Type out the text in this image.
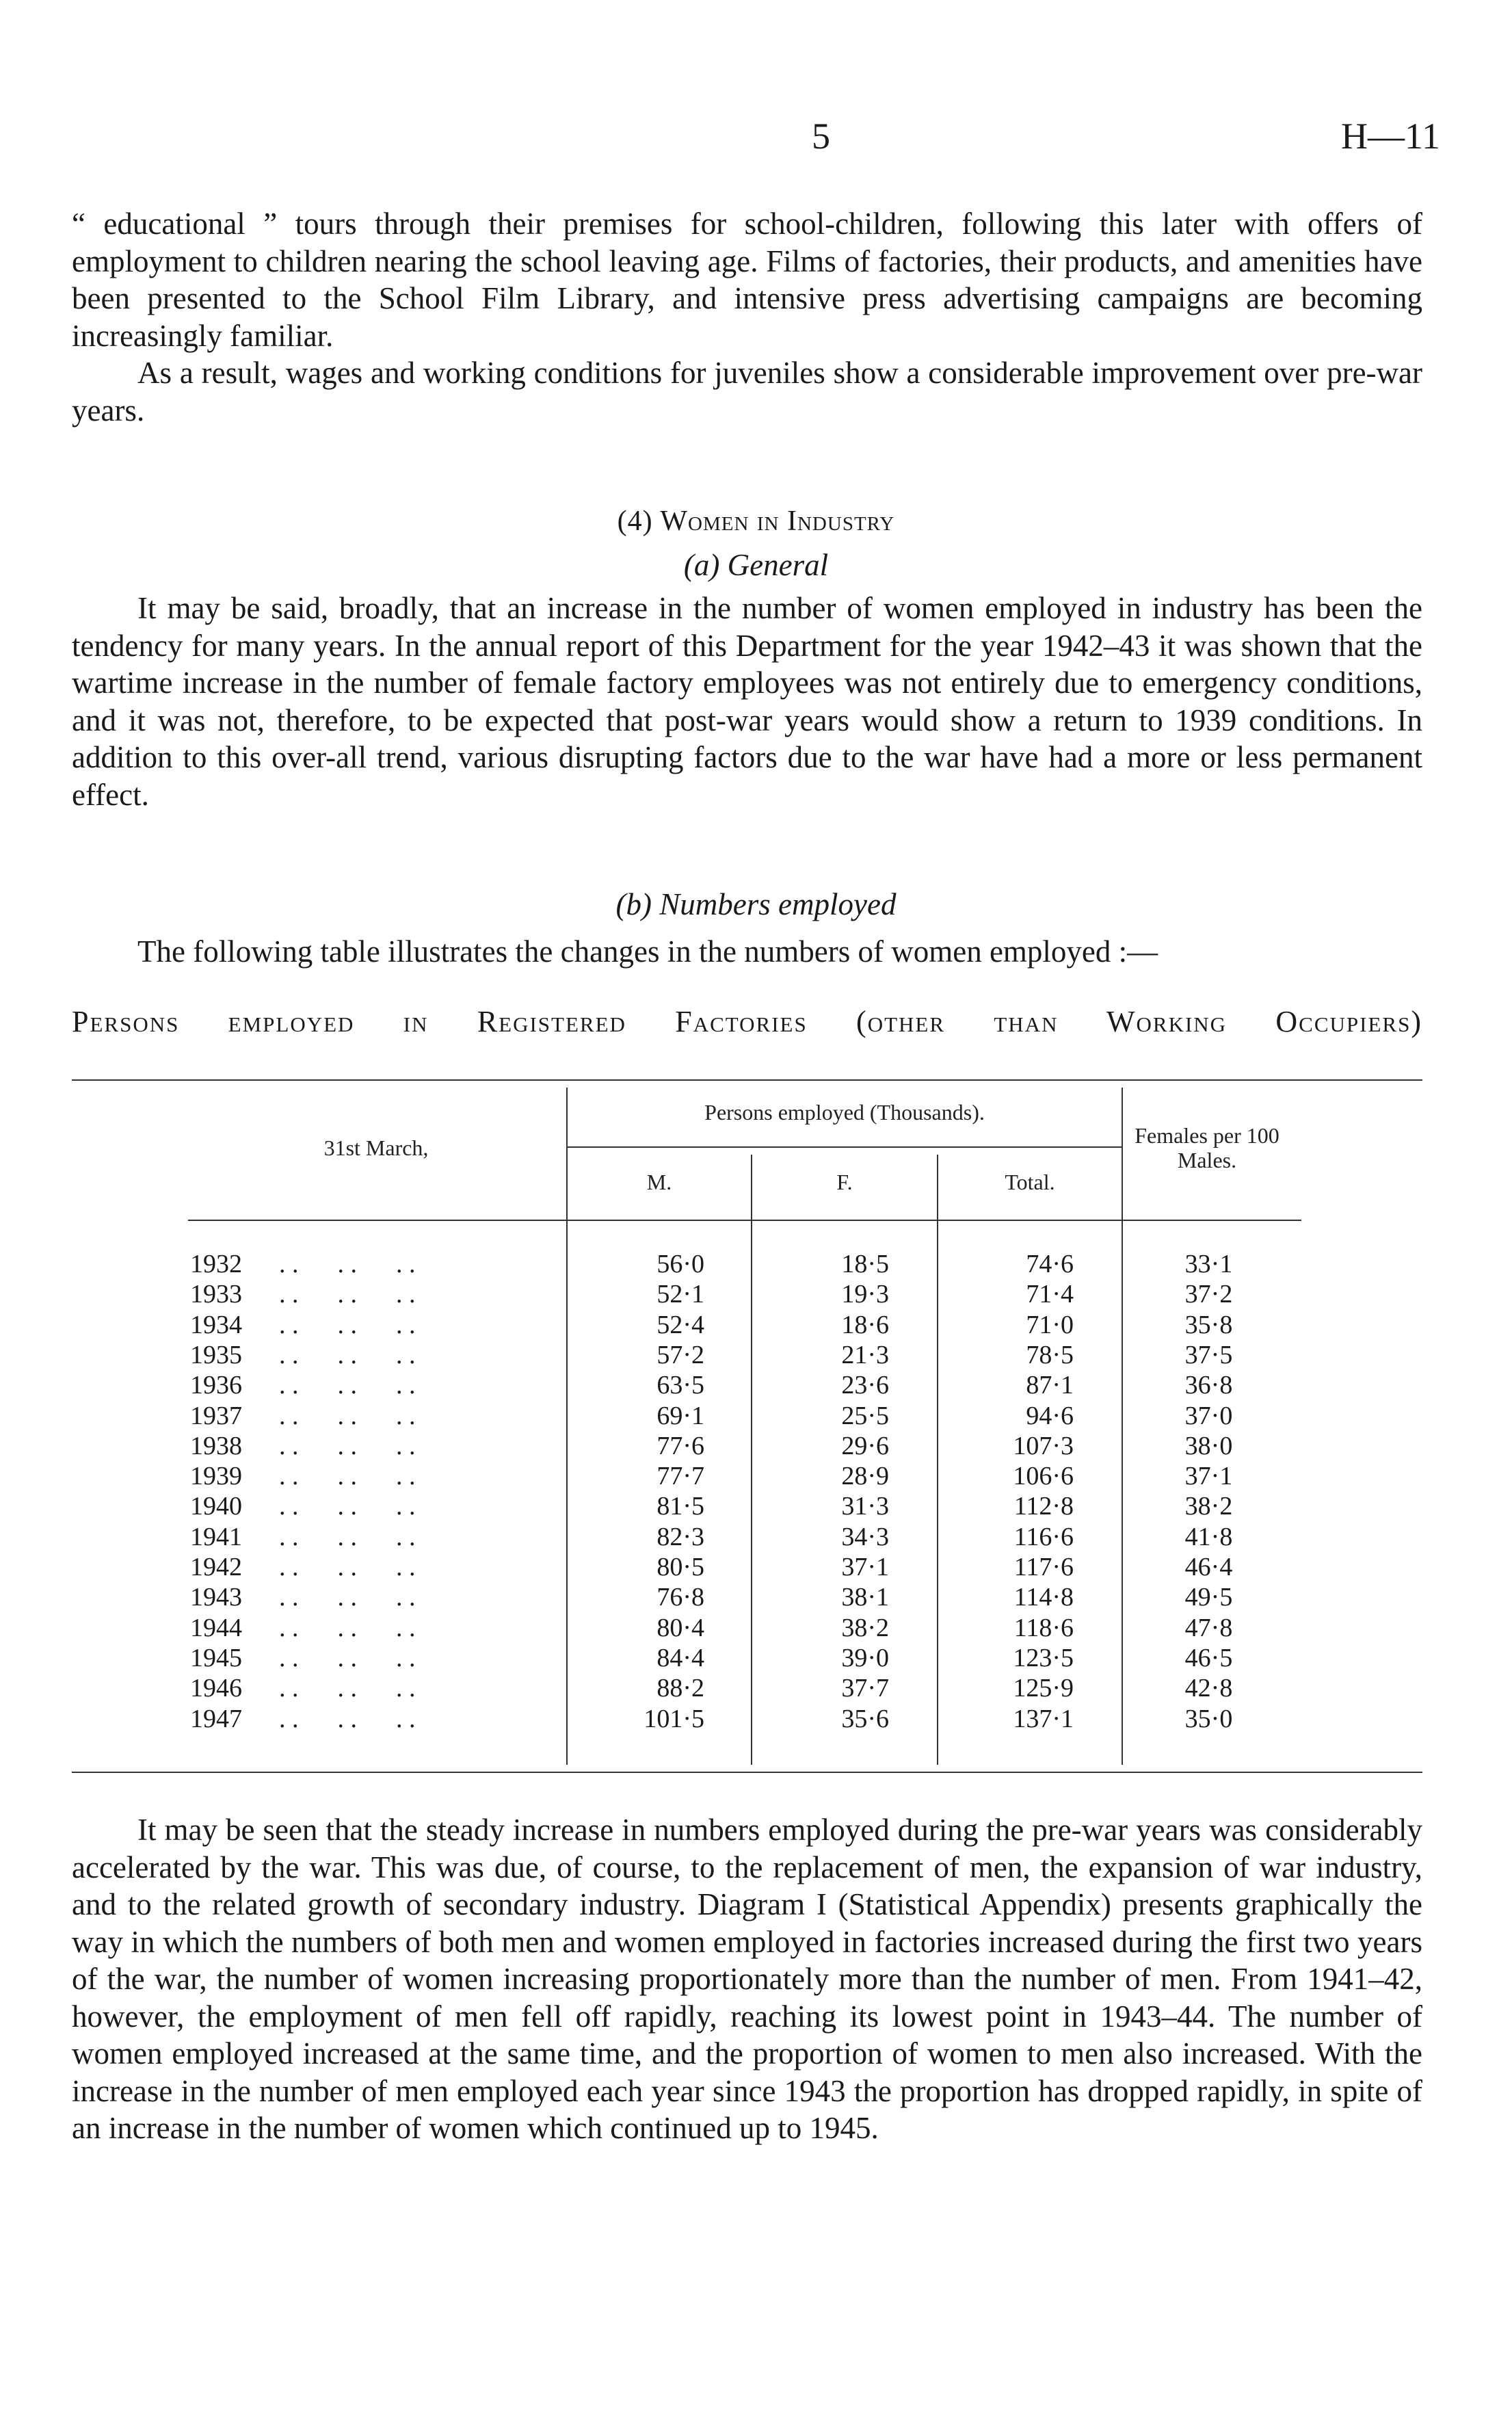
5	H—11

“ educational ” tours through their premises for school-children, following this later with offers of employment to children nearing the school leaving age. Films of factories, their products, and amenities have been presented to the School Film Library, and intensive press advertising campaigns are becoming increasingly familiar.

As a result, wages and working conditions for juveniles show a considerable improvement over pre-war years.

(4) Women in Industry
(a) General

It may be said, broadly, that an increase in the number of women employed in industry has been the tendency for many years. In the annual report of this Department for the year 1942–43 it was shown that the wartime increase in the number of female factory employees was not entirely due to emergency conditions, and it was not, therefore, to be expected that post-war years would show a return to 1939 conditions. In addition to this over-all trend, various disrupting factors due to the war have had a more or less permanent effect.

(b) Numbers employed

The following table illustrates the changes in the numbers of women employed :—

Persons employed in Registered Factories (other than Working Occupiers)
31st March,
Persons employed (Thousands).
M.	F.	Total.
Females per 100 Males.
1932 . .      . .      . .	56·0	18·5	74·6	33·1
1933 . .      . .      . .	52·1	19·3	71·4	37·2
1934 . .      . .      . .	52·4	18·6	71·0	35·8
1935 . .      . .      . .	57·2	21·3	78·5	37·5
1936 . .      . .      . .	63·5	23·6	87·1	36·8
1937 . .      . .      . .	69·1	25·5	94·6	37·0
1938 . .      . .      . .	77·6	29·6	107·3	38·0
1939 . .      . .      . .	77·7	28·9	106·6	37·1
1940 . .      . .      . .	81·5	31·3	112·8	38·2
1941 . .      . .      . .	82·3	34·3	116·6	41·8
1942 . .      . .      . .	80·5	37·1	117·6	46·4
1943 . .      . .      . .	76·8	38·1	114·8	49·5
1944 . .      . .      . .	80·4	38·2	118·6	47·8
1945 . .      . .      . .	84·4	39·0	123·5	46·5
1946 . .      . .      . .	88·2	37·7	125·9	42·8
1947 . .      . .      . .	101·5	35·6	137·1	35·0

It may be seen that the steady increase in numbers employed during the pre-war years was considerably accelerated by the war. This was due, of course, to the replacement of men, the expansion of war industry, and to the related growth of secondary industry. Diagram I (Statistical Appendix) presents graphically the way in which the numbers of both men and women employed in factories increased during the first two years of the war, the number of women increasing proportionately more than the number of men. From 1941–42, however, the employment of men fell off rapidly, reaching its lowest point in 1943–44. The number of women employed increased at the same time, and the proportion of women to men also increased. With the increase in the number of men employed each year since 1943 the proportion has dropped rapidly, in spite of an increase in the number of women which continued up to 1945.
